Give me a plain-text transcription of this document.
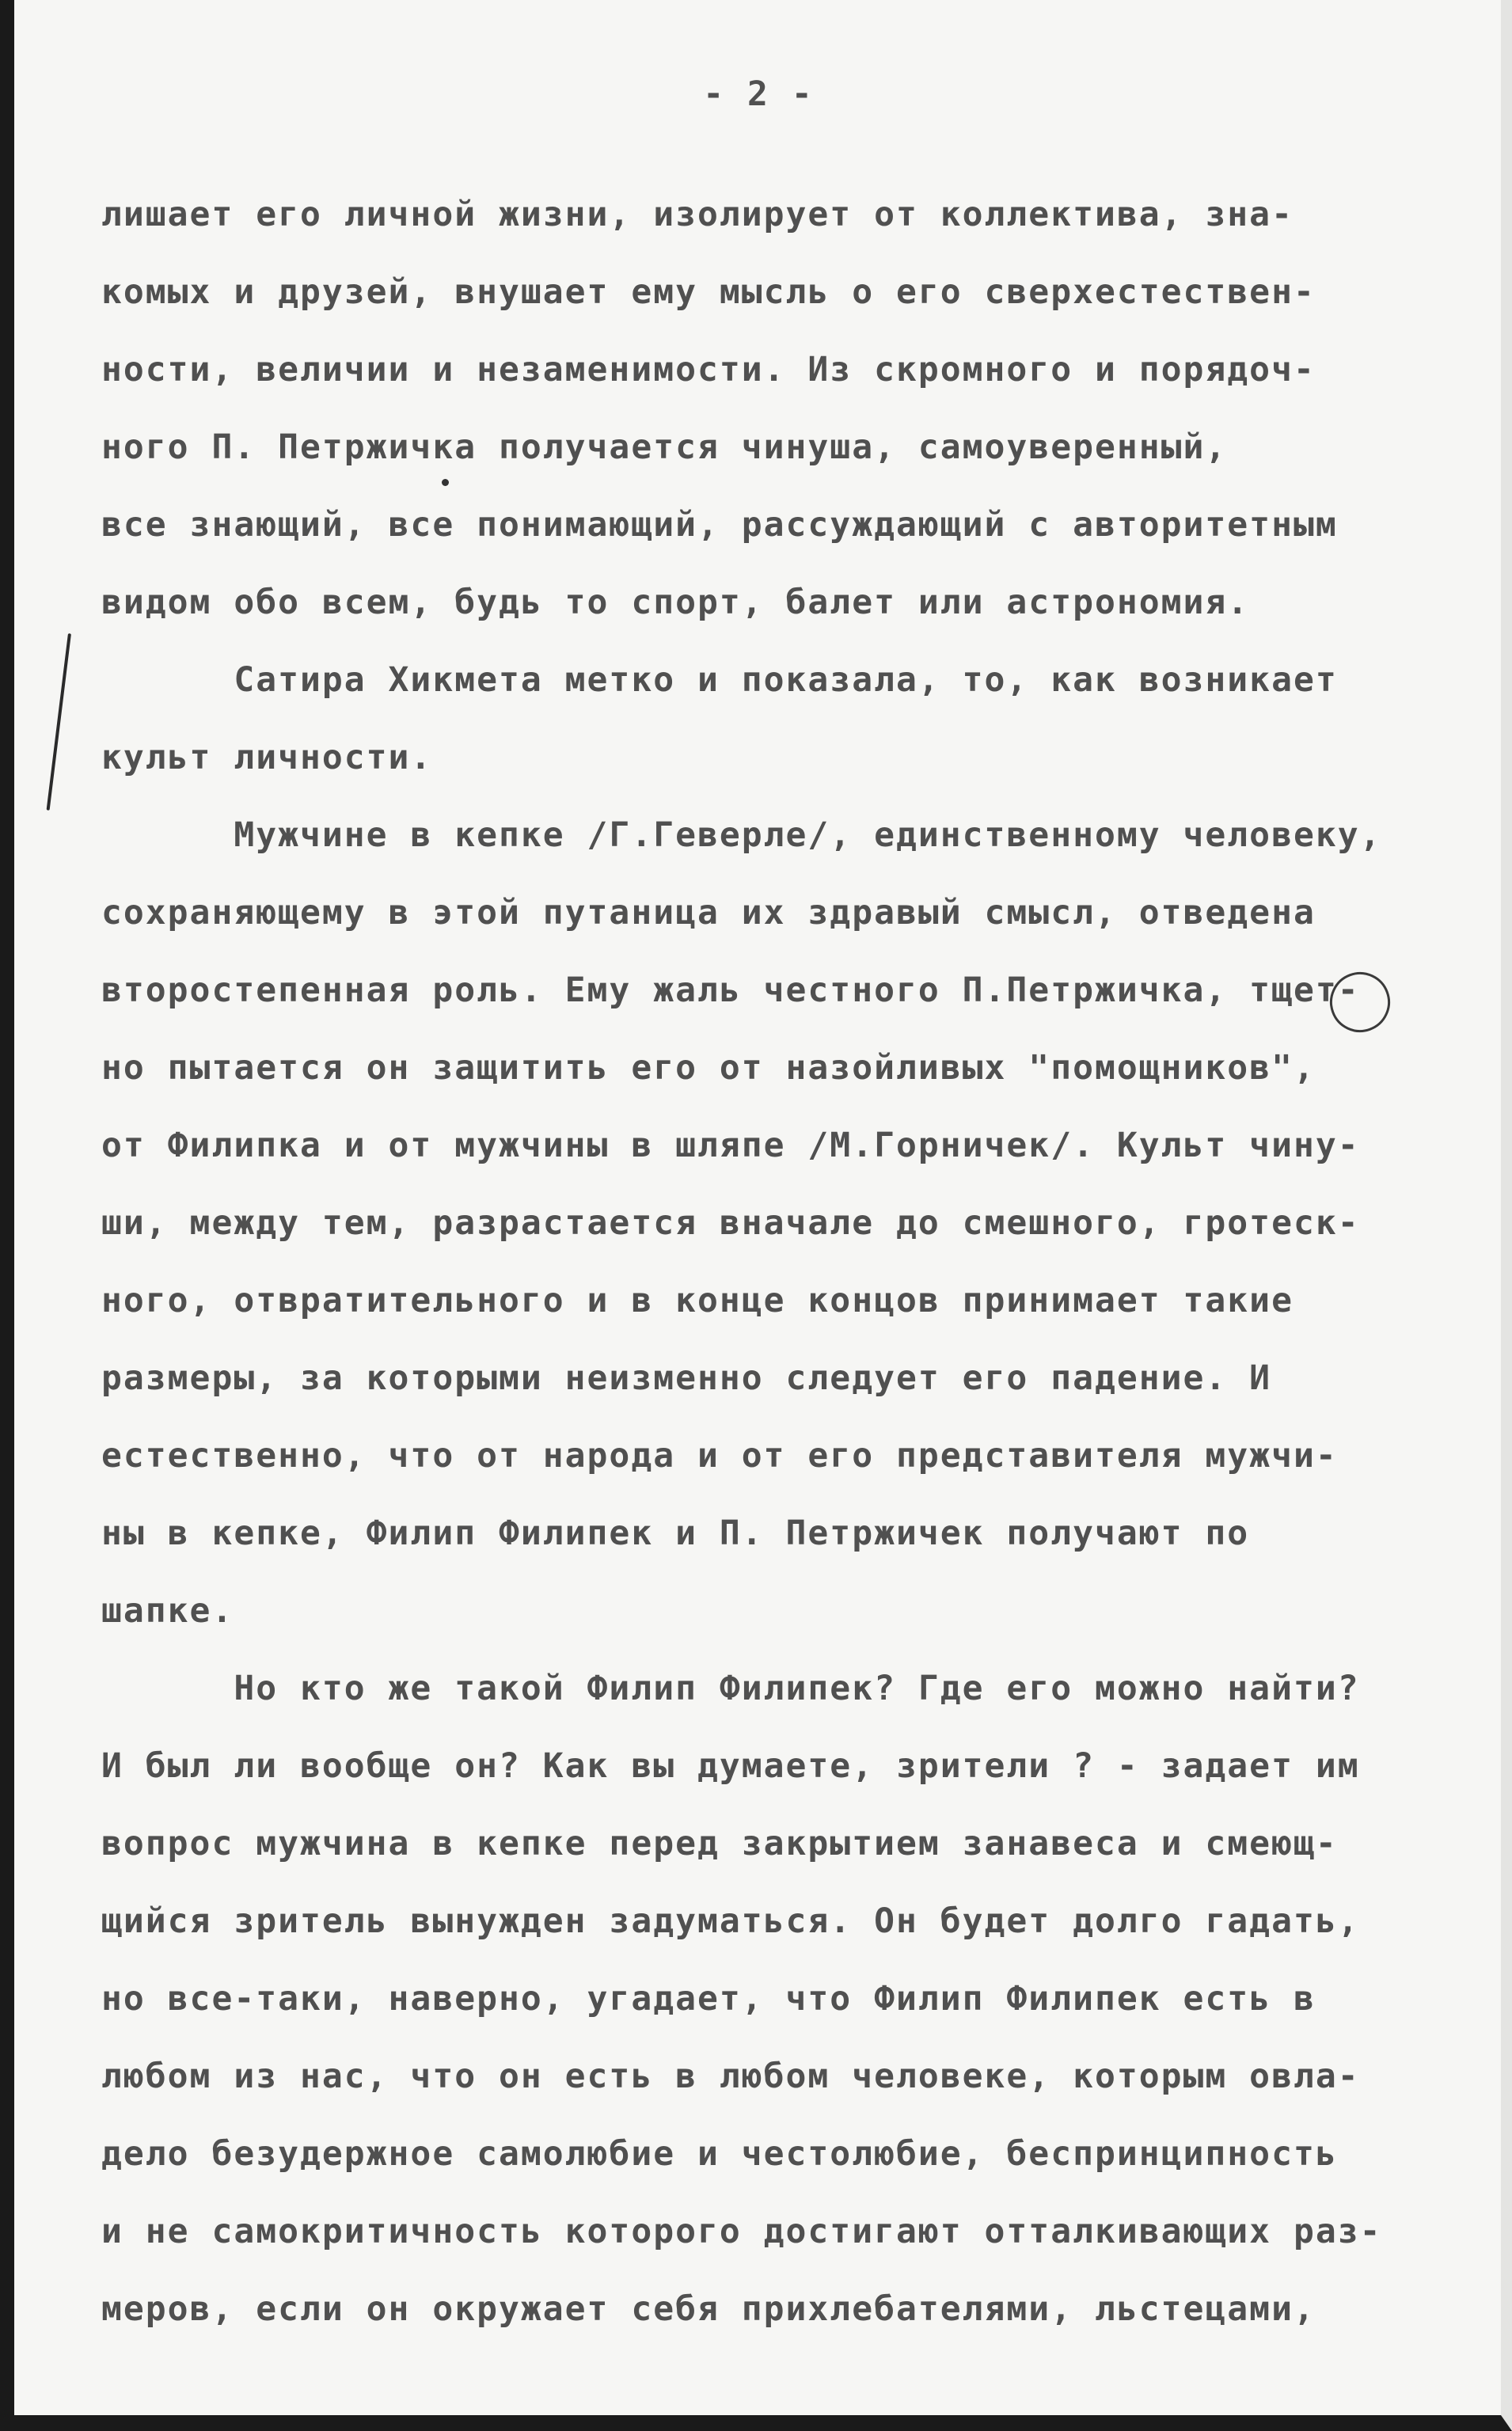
- 2 -
лишает его личной жизни, изолирует от коллектива, зна-
комых и друзей, внушает ему мысль о его сверхестествен-
ности, величии и незаменимости. Из скромного и порядоч-
ного П. Петржичка получается чинуша, самоуверенный,
все знающий, все понимающий, рассуждающий с авторитетным
видом обо всем, будь то спорт, балет или астрономия.
Сатира Хикмета метко и показала, то, как возникает
культ личности.
Мужчине в кепке /Г.Геверле/, единственному человеку,
сохраняющему в этой путаница их здравый смысл, отведена
второстепенная роль. Ему жаль честного П.Петржичка, тщет-
но пытается он защитить его от назойливых "помощников",
от Филипка и от мужчины в шляпе /М.Горничек/. Культ чину-
ши, между тем, разрастается вначале до смешного, гротеск-
ного, отвратительного и в конце концов принимает такие
размеры, за которыми неизменно следует его падение. И
естественно, что от народа и от его представителя мужчи-
ны в кепке, Филип Филипек и П. Петржичек получают по
шапке.
Но кто же такой Филип Филипек? Где его можно найти?
И был ли вообще он? Как вы думаете, зрители ? - задает им
вопрос мужчина в кепке перед закрытием занавеса и смеющ-
щийся зритель вынужден задуматься. Он будет долго гадать,
но все-таки, наверно, угадает, что Филип Филипек есть в
любом из нас, что он есть в любом человеке, которым овла-
дело безудержное самолюбие и честолюбие, беспринципность
и не самокритичность которого достигают отталкивающих раз-
меров, если он окружает себя прихлебателями, льстецами,
